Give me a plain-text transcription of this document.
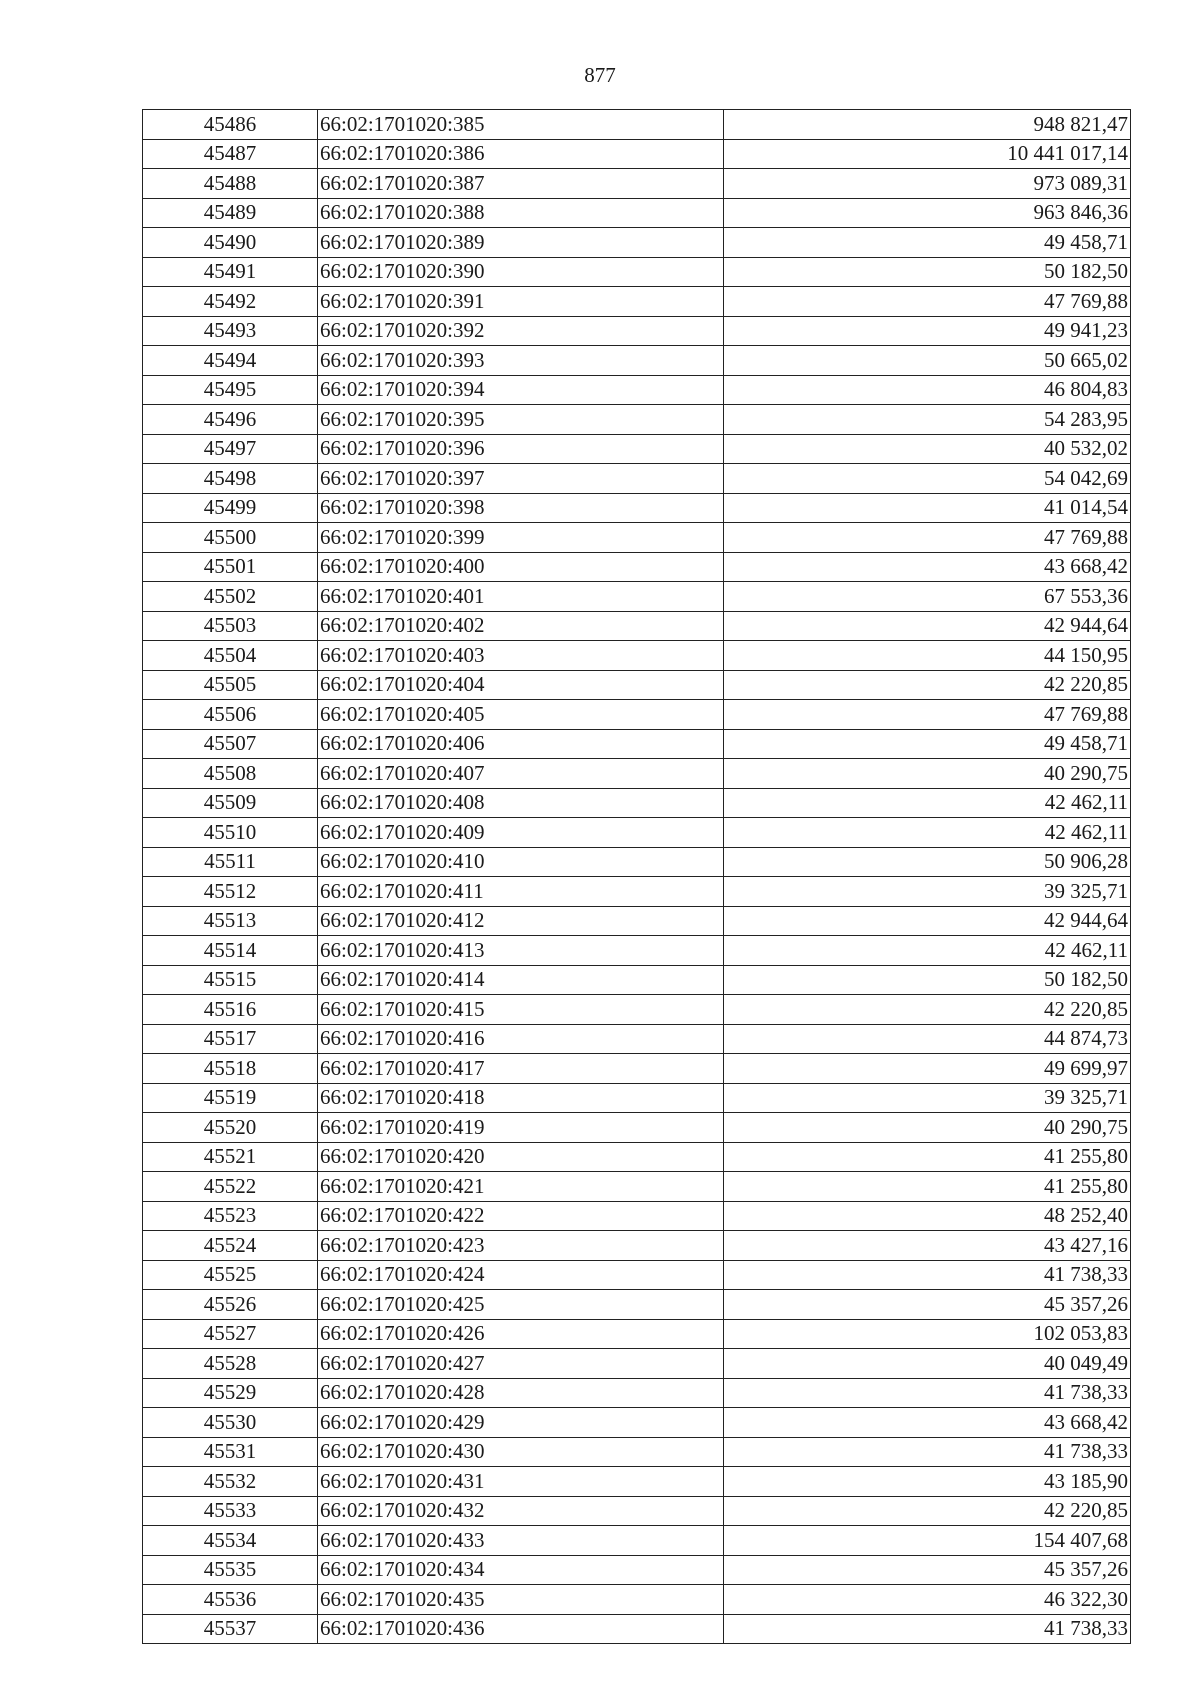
877
45486	66:02:1701020:385	948 821,47
45487	66:02:1701020:386	10 441 017,14
45488	66:02:1701020:387	973 089,31
45489	66:02:1701020:388	963 846,36
45490	66:02:1701020:389	49 458,71
45491	66:02:1701020:390	50 182,50
45492	66:02:1701020:391	47 769,88
45493	66:02:1701020:392	49 941,23
45494	66:02:1701020:393	50 665,02
45495	66:02:1701020:394	46 804,83
45496	66:02:1701020:395	54 283,95
45497	66:02:1701020:396	40 532,02
45498	66:02:1701020:397	54 042,69
45499	66:02:1701020:398	41 014,54
45500	66:02:1701020:399	47 769,88
45501	66:02:1701020:400	43 668,42
45502	66:02:1701020:401	67 553,36
45503	66:02:1701020:402	42 944,64
45504	66:02:1701020:403	44 150,95
45505	66:02:1701020:404	42 220,85
45506	66:02:1701020:405	47 769,88
45507	66:02:1701020:406	49 458,71
45508	66:02:1701020:407	40 290,75
45509	66:02:1701020:408	42 462,11
45510	66:02:1701020:409	42 462,11
45511	66:02:1701020:410	50 906,28
45512	66:02:1701020:411	39 325,71
45513	66:02:1701020:412	42 944,64
45514	66:02:1701020:413	42 462,11
45515	66:02:1701020:414	50 182,50
45516	66:02:1701020:415	42 220,85
45517	66:02:1701020:416	44 874,73
45518	66:02:1701020:417	49 699,97
45519	66:02:1701020:418	39 325,71
45520	66:02:1701020:419	40 290,75
45521	66:02:1701020:420	41 255,80
45522	66:02:1701020:421	41 255,80
45523	66:02:1701020:422	48 252,40
45524	66:02:1701020:423	43 427,16
45525	66:02:1701020:424	41 738,33
45526	66:02:1701020:425	45 357,26
45527	66:02:1701020:426	102 053,83
45528	66:02:1701020:427	40 049,49
45529	66:02:1701020:428	41 738,33
45530	66:02:1701020:429	43 668,42
45531	66:02:1701020:430	41 738,33
45532	66:02:1701020:431	43 185,90
45533	66:02:1701020:432	42 220,85
45534	66:02:1701020:433	154 407,68
45535	66:02:1701020:434	45 357,26
45536	66:02:1701020:435	46 322,30
45537	66:02:1701020:436	41 738,33
